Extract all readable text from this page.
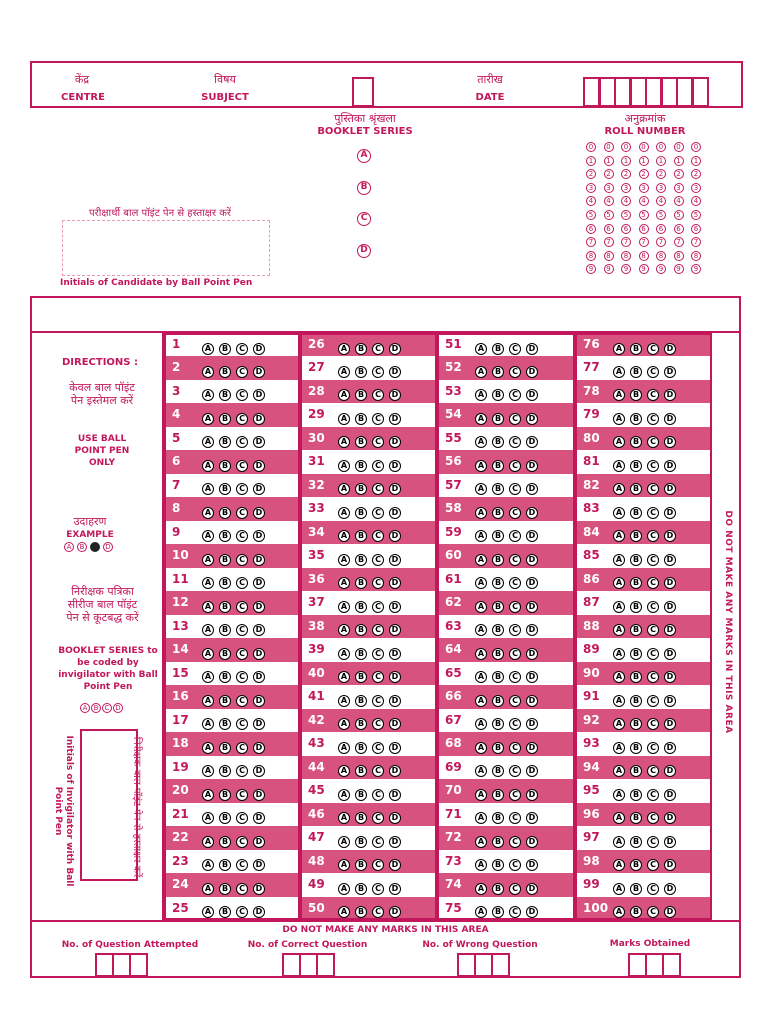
केंद्र
CENTRE
विषय
SUBJECT
तारीख
DATE
पुस्तिका श्रृंखला
BOOKLET SERIES
A
B
C
D
अनुक्रमांक
ROLL NUMBER
0	0	0	0	0	0	0
1	1	1	1	1	1	1
2	2	2	2	2	2	2
3	3	3	3	3	3	3
4	4	4	4	4	4	4
5	5	5	5	5	5	5
6	6	6	6	6	6	6
7	7	7	7	7	7	7
8	8	8	8	8	8	8
9	9	9	9	9	9	9
परीक्षार्थी बाल पॉइंट पेन से हस्ताक्षर करें
Initials of Candidate by Ball Point Pen
DIRECTIONS :
केवल बाल पॉइंट पेन इस्तेमल करें
USE BALL POINT PEN ONLY
उदाहरण
EXAMPLE
A	B	D
निरीक्षक पत्रिका सीरीज बाल पॉइंट पेन से कूटबद्ध करें
BOOKLET SERIES to be coded by invigilator with Ball Point Pen
A B C D
Initials of Invigilator with Ball Point Pen	निरीक्षक बाल पॉइंट पेन से हस्ताक्षर करें
1	A B C D
2	A B C D
3	A B C D
4	A B C D
5	A B C D
6	A B C D
7	A B C D
8	A B C D
9	A B C D
10	A B C D
11	A B C D
12	A B C D
13	A B C D
14	A B C D
15	A B C D
16	A B C D
17	A B C D
18	A B C D
19	A B C D
20	A B C D
21	A B C D
22	A B C D
23	A B C D
24	A B C D
25	A B C D
26	A B C D
27	A B C D
28	A B C D
29	A B C D
30	A B C D
31	A B C D
32	A B C D
33	A B C D
34	A B C D
35	A B C D
36	A B C D
37	A B C D
38	A B C D
39	A B C D
40	A B C D
41	A B C D
42	A B C D
43	A B C D
44	A B C D
45	A B C D
46	A B C D
47	A B C D
48	A B C D
49	A B C D
50	A B C D
51	A B C D
52	A B C D
53	A B C D
54	A B C D
55	A B C D
56	A B C D
57	A B C D
58	A B C D
59	A B C D
60	A B C D
61	A B C D
62	A B C D
63	A B C D
64	A B C D
65	A B C D
66	A B C D
67	A B C D
68	A B C D
69	A B C D
70	A B C D
71	A B C D
72	A B C D
73	A B C D
74	A B C D
75	A B C D
76	A B C D
77	A B C D
78	A B C D
79	A B C D
80	A B C D
81	A B C D
82	A B C D
83	A B C D
84	A B C D
85	A B C D
86	A B C D
87	A B C D
88	A B C D
89	A B C D
90	A B C D
91	A B C D
92	A B C D
93	A B C D
94	A B C D
95	A B C D
96	A B C D
97	A B C D
98	A B C D
99	A B C D
100 A B C D
DO NOT MAKE ANY MARKS IN THIS AREA
DO NOT MAKE ANY MARKS IN THIS AREA
No. of Question Attempted	No. of Correct Question	No. of Wrong Question	Marks Obtained
